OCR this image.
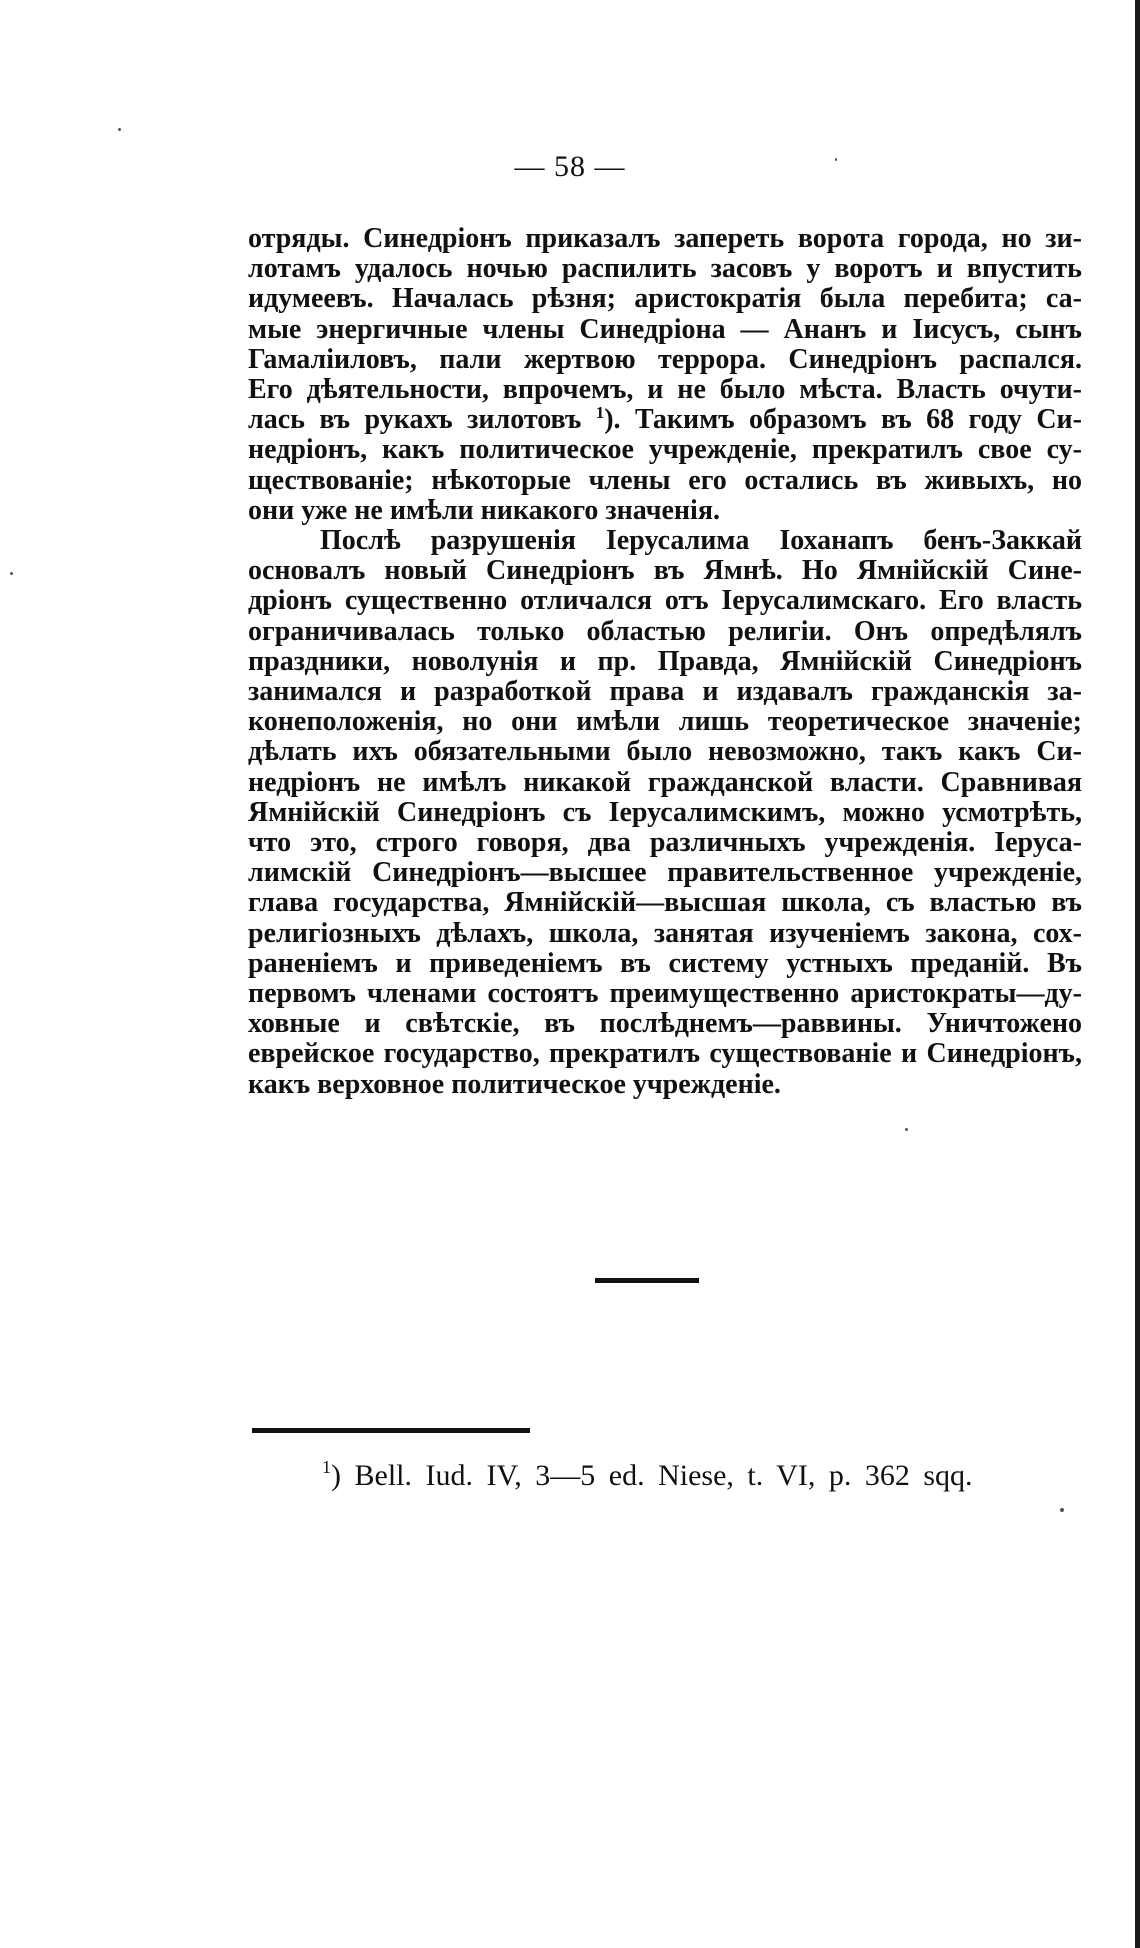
— 58 —

отряды. Синедріонъ приказалъ запереть ворота города, но зи-
лотамъ удалось ночью распилить засовъ у воротъ и впустить
идумеевъ. Началась рѣзня; аристократія была перебита; са-
мые энергичные члены Синедріона — Ананъ и Іисусъ, сынъ
Гамаліиловъ, пали жертвою террора. Синедріонъ распался.
Его дѣятельности, впрочемъ, и не было мѣста. Власть очути-
лась въ рукахъ зилотовъ $^1$). Такимъ образомъ въ 68 году Си-
недріонъ, какъ политическое учрежденіе, прекратилъ свое су-
ществованіе; нѣкоторые члены его остались въ живыхъ, но
они уже не имѣли никакого значенія.

Послѣ разрушенія Іерусалима Іоханапъ бенъ-Заккай
основалъ новый Синедріонъ въ Ямнѣ. Но Ямнійскій Сине-
дріонъ существенно отличался отъ Іерусалимскаго. Его власть
ограничивалась только областью религіи. Онъ опредѣлялъ
праздники, новолунія и пр. Правда, Ямнійскій Синедріонъ
занимался и разработкой права и издавалъ гражданскія за-
конеположенія, но они имѣли лишь теоретическое значеніе;
дѣлать ихъ обязательными было невозможно, такъ какъ Си-
недріонъ не имѣлъ никакой гражданской власти. Сравнивая
Ямнійскій Синедріонъ съ Іерусалимскимъ, можно усмотрѣть,
что это, строго говоря, два различныхъ учрежденія. Іеруса-
лимскій Синедріонъ—высшее правительственное учрежденіе,
глава государства, Ямнійскій—высшая школа, съ властью въ
религіозныхъ дѣлахъ, школа, занятая изученіемъ закона, сох-
раненіемъ и приведеніемъ въ систему устныхъ преданій. Въ
первомъ членами состоятъ преимущественно аристократы—ду-
ховные и свѣтскіе, въ послѣднемъ—раввины. Уничтожено
еврейское государство, прекратилъ существованіе и Синедріонъ,
какъ верховное политическое учрежденіе.

$^1$) Bell. Iud. IV, 3—5 ed. Niese, t. VI, p. 362 sqq.
